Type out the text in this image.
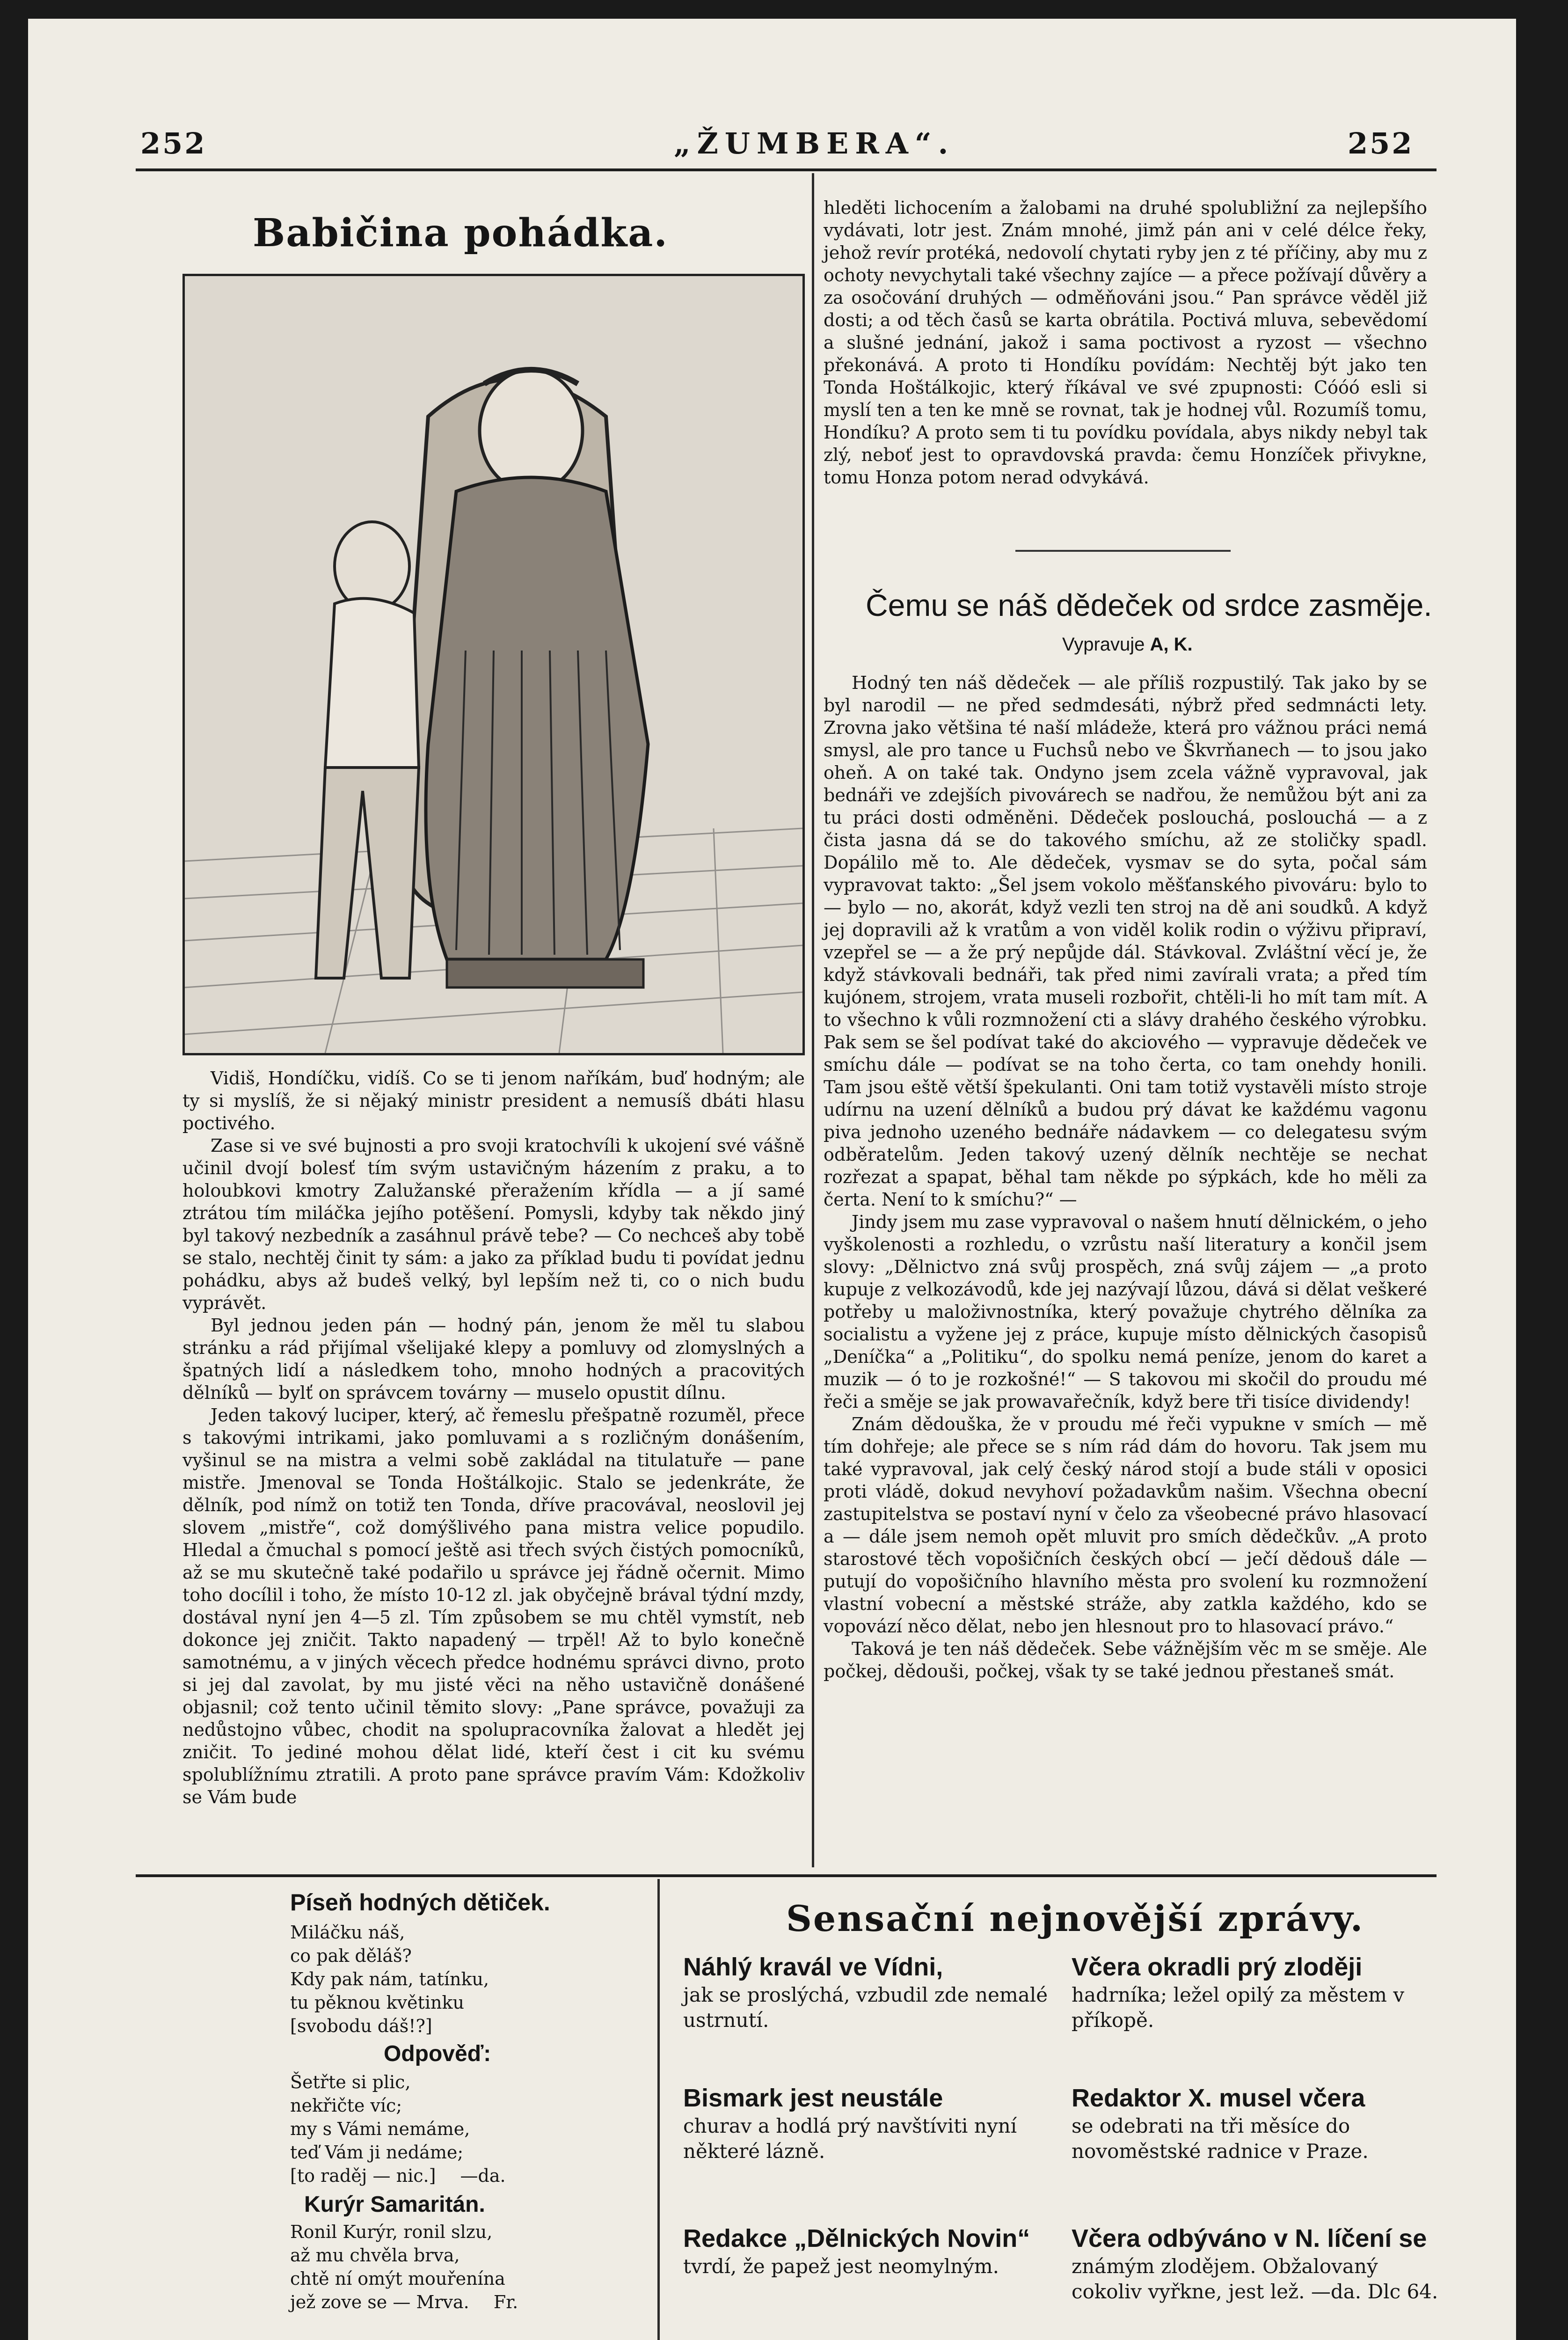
252	„ŽUMBERA“.	252
Babičina pohádka.

Vidiš, Hondíčku, vidíš. Co se ti jenom naříkám, buď hodným; ale ty si myslíš, že si nějaký ministr president a nemusíš dbáti hlasu poctivého.

Zase si ve své bujnosti a pro svoji kratochvíli k ukojení své vášně učinil dvojí bolesť tím svým ustavičným házením z praku, a to holoubkovi kmotry Zalužanské přeražením křídla — a jí samé ztrátou tím miláčka jejího potěšení. Pomysli, kdyby tak někdo jiný byl takový nezbedník a zasáhnul právě tebe? — Co nechceš aby tobě se stalo, nechtěj činit ty sám: a jako za příklad budu ti povídat jednu pohádku, abys až budeš velký, byl lepším než ti, co o nich budu vyprávět.

Byl jednou jeden pán — hodný pán, jenom že měl tu slabou stránku a rád přijímal všelijaké klepy a pomluvy od zlomyslných a špatných lidí a následkem toho, mnoho hodných a pracovitých dělníků — bylť on správcem továrny — muselo opustit dílnu.

Jeden takový luciper, který, ač řemeslu přešpatně rozuměl, přece s takovými intrikami, jako pomluvami a s rozličným donášením, vyšinul se na mistra a velmi sobě zakládal na titulatuře — pane mistře. Jmenoval se Tonda Hoštálkojic. Stalo se jedenkráte, že dělník, pod nímž on totiž ten Tonda, dříve pracovával, neoslovil jej slovem „mistře“, což domýšlivého pana mistra velice popudilo. Hledal a čmuchal s pomocí ještě asi třech svých čistých pomocníků, až se mu skutečně také podařilo u správce jej řádně očernit. Mimo toho docílil i toho, že místo 10-12 zl. jak obyčejně brával týdní mzdy, dostával nyní jen 4—5 zl. Tím způsobem se mu chtěl vymstít, neb dokonce jej zničit. Takto napadený — trpěl! Až to bylo konečně samotnému, a v jiných věcech předce hodnému správci divno, proto si jej dal zavolat, by mu jisté věci na něho ustavičně donášené objasnil; což tento učinil těmito slovy: „Pane správce, považuji za nedůstojno vůbec, chodit na spolupracovníka žalovat a hledět jej zničit. To jediné mohou dělat lidé, kteří čest i cit ku svému spolublížnímu ztratili. A proto pane správce pravím Vám: Kdožkoliv se Vám bude

hleděti lichocením a žalobami na druhé spolubližní za nejlepšího vydávati, lotr jest. Znám mnohé, jimž pán ani v celé délce řeky, jehož revír protéká, nedovolí chytati ryby jen z té příčiny, aby mu z ochoty nevychytali také všechny zajíce — a přece požívají důvěry a za osočování druhých — odměňováni jsou.“ Pan správce věděl již dosti; a od těch časů se karta obrátila. Poctivá mluva, sebevědomí a slušné jednání, jakož i sama poctivost a ryzost — všechno překonává. A proto ti Hondíku povídám: Nechtěj být jako ten Tonda Hoštálkojic, který říkával ve své zpupnosti: Cóóó esli si myslí ten a ten ke mně se rovnat, tak je hodnej vůl. Rozumíš tomu, Hondíku? A proto sem ti tu povídku povídala, abys nikdy nebyl tak zlý, neboť jest to opravdovská pravda: čemu Honzíček přivykne, tomu Honza potom nerad odvykává.

Čemu se náš dědeček od srdce zasměje.
Vypravuje A, K.

Hodný ten náš dědeček — ale příliš rozpustilý. Tak jako by se byl narodil — ne před sedmdesáti, nýbrž před sedmnácti lety. Zrovna jako většina té naší mládeže, která pro vážnou práci nemá smysl, ale pro tance u Fuchsů nebo ve Škvrňanech — to jsou jako oheň. A on také tak. Ondyno jsem zcela vážně vypravoval, jak bednáři ve zdejších pivovárech se nadřou, že nemůžou být ani za tu práci dosti odměněni. Dědeček poslouchá, poslouchá — a z čista jasna dá se do takového smíchu, až ze stoličky spadl. Dopálilo mě to. Ale dědeček, vysmav se do syta, počal sám vypravovat takto: „Šel jsem vokolo měšťanského pivováru: bylo to — bylo — no, akorát, když vezli ten stroj na dě ani soudků. A když jej dopravili až k vratům a von viděl kolik rodin o výživu připraví, vzepřel se — a že prý nepůjde dál. Stávkoval. Zvláštní věcí je, že když stávkovali bednáři, tak před nimi zavírali vrata; a před tím kujónem, strojem, vrata museli rozbořit, chtěli-li ho mít tam mít. A to všechno k vůli rozmnožení cti a slávy drahého českého výrobku. Pak sem se šel podívat také do akciového — vypravuje dědeček ve smíchu dále — podívat se na toho čerta, co tam onehdy honili. Tam jsou eště větší špekulanti. Oni tam totiž vystavěli místo stroje udírnu na uzení dělníků a budou prý dávat ke každému vagonu piva jednoho uzeného bednáře nádavkem — co delegatesu svým odběratelům. Jeden takový uzený dělník nechtěje se nechat rozřezat a spapat, běhal tam někde po sýpkách, kde ho měli za čerta. Není to k smíchu?“ —

Jindy jsem mu zase vypravoval o našem hnutí dělnickém, o jeho vyškolenosti a rozhledu, o vzrůstu naší literatury a končil jsem slovy: „Dělnictvo zná svůj prospěch, zná svůj zájem — „a proto kupuje z velkozávodů, kde jej nazývají lůzou, dává si dělat veškeré potřeby u maloživnostníka, který považuje chytrého dělníka za socialistu a vyžene jej z práce, kupuje místo dělnických časopisů „Deníčka“ a „Politiku“, do spolku nemá peníze, jenom do karet a muzik — ó to je rozkošné!“ — S takovou mi skočil do proudu mé řeči a směje se jak prowavařečník, když bere tři tisíce dividendy!

Znám dědouška, že v proudu mé řeči vypukne v smích — mě tím dohřeje; ale přece se s ním rád dám do hovoru. Tak jsem mu také vypravoval, jak celý český národ stojí a bude stáli v oposici proti vládě, dokud nevyhoví požadavkům našim. Všechna obecní zastupitelstva se postaví nyní v čelo za všeobecné právo hlasovací a — dále jsem nemoh opět mluvit pro smích dědečkův. „A proto starostové těch vopošičních českých obcí — ječí dědouš dále — putují do vopošičního hlavního města pro svolení ku rozmnožení vlastní vobecní a městské stráže, aby zatkla každého, kdo se vopovází něco dělat, nebo jen hlesnout pro to hlasovací právo.“

Taková je ten náš dědeček. Sebe vážnějším věc m se směje. Ale počkej, dědouši, počkej, však ty se také jednou přestaneš smát.

Píseň hodných dětiček.
Miláčku náš,
co pak děláš?
Kdy pak nám, tatínku,
tu pěknou květinku
[svobodu dáš!?]
Odpověď:
Šetřte si plic,
nekřičte víc;
my s Vámi nemáme,
teď Vám ji nedáme;
[to raděj — nic.] —da.
Kurýr Samaritán.
Ronil Kurýr, ronil slzu,
až mu chvěla brva,
chtě ní omýt mouřenína
jež zove se — Mrva. Fr.
Sensační nejnovější zprávy.
Náhlý kravál ve Vídni,

jak se proslýchá, vzbudil zde nemalé ustrnutí.

Včera okradli prý zloději

hadrníka; ležel opilý za městem v příkopě.

Bismark jest neustále

churav a hodlá prý navštíviti nyní některé lázně.

Redaktor X. musel včera

se odebrati na tři měsíce do novoměstské radnice v Praze.

Redakce „Dělnických Novin“

tvrdí, že papež jest neomylným.

Včera odbýváno v N. líčení se

známým zlodějem. Obžalovaný cokoliv vyřkne, jest lež. —da. Dlc 64.
